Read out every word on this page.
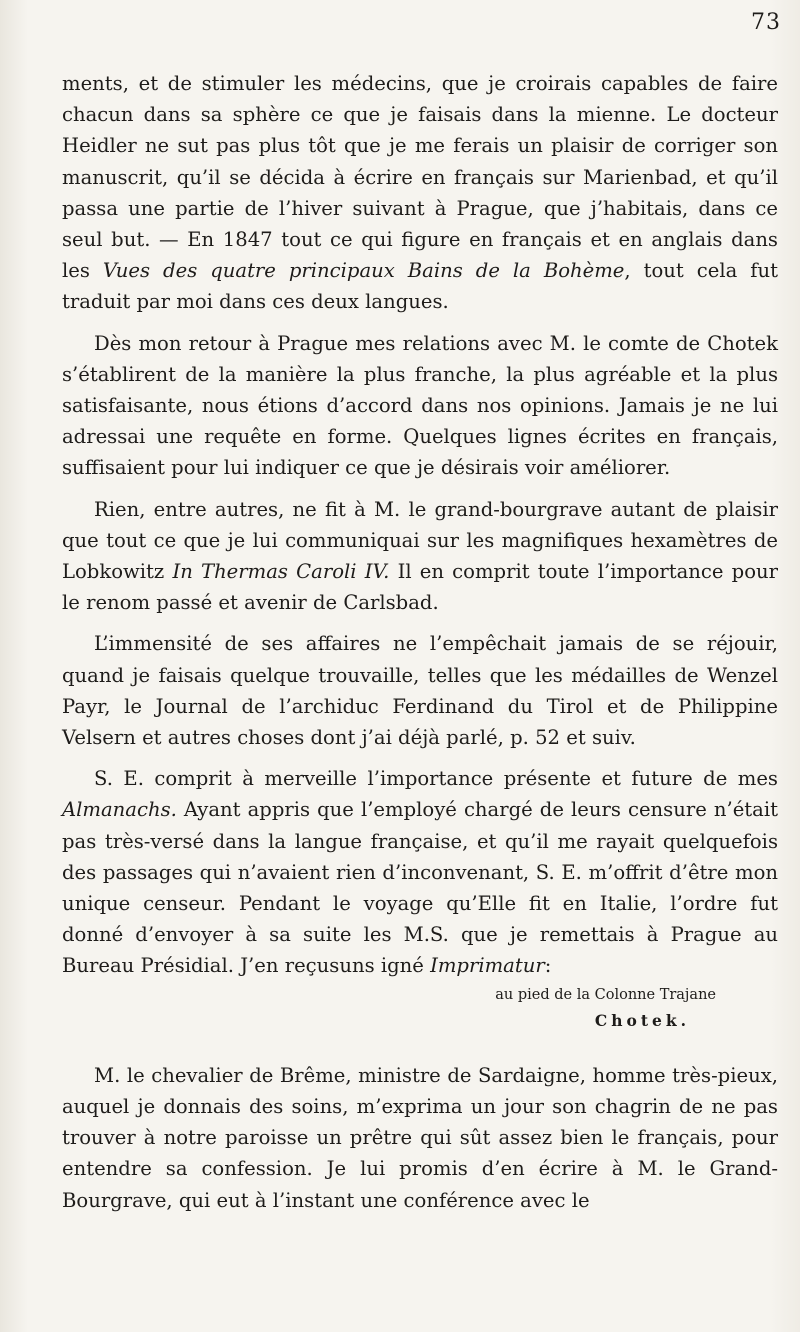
73

ments, et de stimuler les médecins, que je croirais capables de faire chacun dans sa sphère ce que je faisais dans la mienne. Le docteur Heidler ne sut pas plus tôt que je me ferais un plaisir de corriger son manuscrit, qu’il se décida à écrire en français sur Marienbad, et qu’il passa une partie de l’hiver suivant à Prague, que j’habitais, dans ce seul but. — En 1847 tout ce qui figure en français et en anglais dans les Vues des quatre principaux Bains de la Bohème, tout cela fut traduit par moi dans ces deux langues.

Dès mon retour à Prague mes relations avec M. le comte de Chotek s’établirent de la manière la plus franche, la plus agréable et la plus satisfaisante, nous étions d’accord dans nos opinions. Jamais je ne lui adressai une requête en forme. Quelques lignes écrites en français, suffisaient pour lui indiquer ce que je désirais voir améliorer.

Rien, entre autres, ne fit à M. le grand-bourgrave autant de plaisir que tout ce que je lui communiquai sur les magnifiques hexamètres de Lobkowitz In Thermas Caroli IV. Il en comprit toute l’importance pour le renom passé et avenir de Carlsbad.

L’immensité de ses affaires ne l’empêchait jamais de se réjouir, quand je faisais quelque trouvaille, telles que les médailles de Wenzel Payr, le Journal de l’archiduc Ferdinand du Tirol et de Philippine Velsern et autres choses dont j’ai déjà parlé, p. 52 et suiv.

S. E. comprit à merveille l’importance présente et future de mes Almanachs. Ayant appris que l’employé chargé de leurs censure n’était pas très-versé dans la langue française, et qu’il me rayait quelquefois des passages qui n’avaient rien d’inconvenant, S. E. m’offrit d’être mon unique censeur. Pendant le voyage qu’Elle fit en Italie, l’ordre fut donné d’envoyer à sa suite les M.S. que je remettais à Prague au Bureau Présidial. J’en reçusuns igné Imprimatur:

au pied de la Colonne Trajane
Chotek.

M. le chevalier de Brême, ministre de Sardaigne, homme très-pieux, auquel je donnais des soins, m’exprima un jour son chagrin de ne pas trouver à notre paroisse un prêtre qui sût assez bien le français, pour entendre sa confession. Je lui promis d’en écrire à M. le Grand-Bourgrave, qui eut à l’instant une conférence avec le
